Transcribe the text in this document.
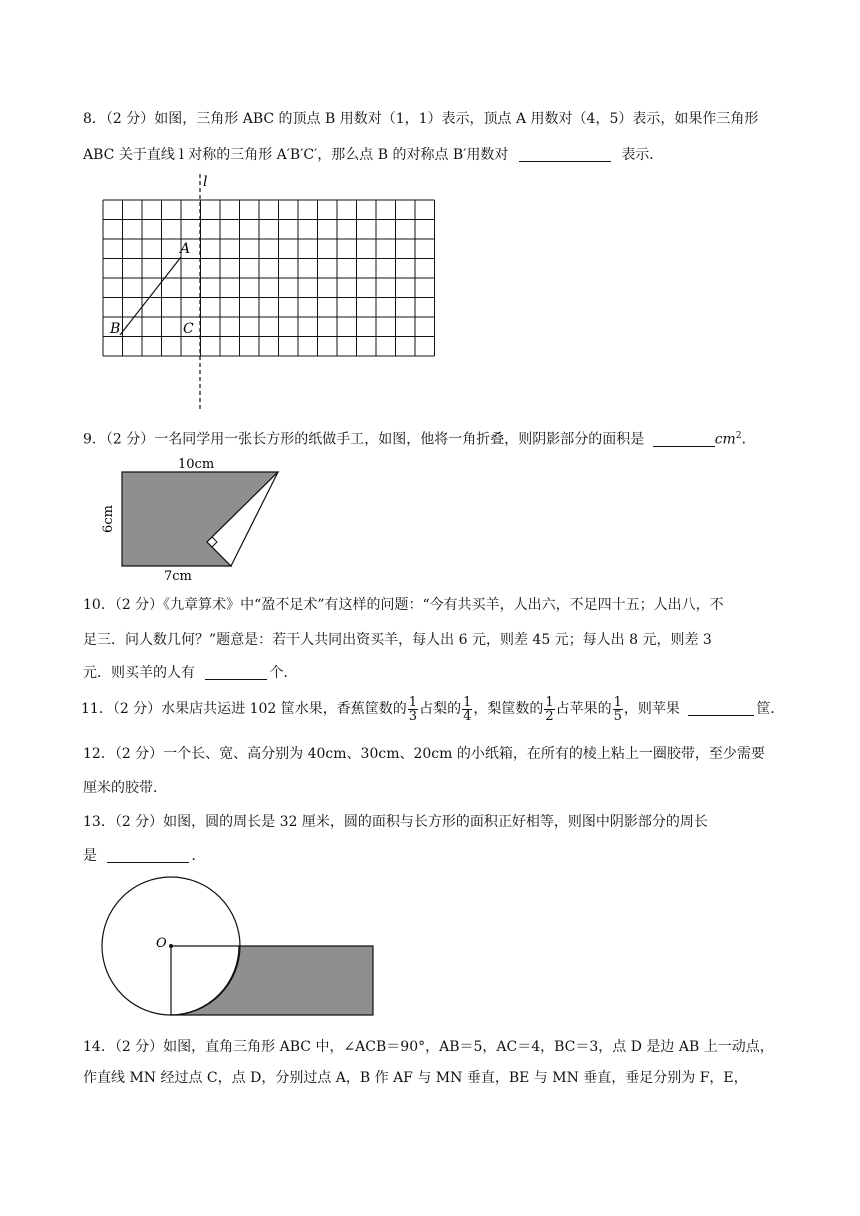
8．（2 分）如图，三角形 ABC 的顶点 B 用数对（1，1）表示，顶点 A 用数对（4，5）表示，如果作三角形
ABC 关于直线 l 对称的三角形 A′B′C′，那么点 B 的对称点 B′用数对	表示．
l
A
B	C
9．（2 分）一名同学用一张长方形的纸做手工，如图，他将一角折叠，则阴影部分的面积是	$cm^2$．
10cm
6cm
7cm
10．（2 分）《九章算术》中“盈不足术”有这样的问题：“今有共买羊，人出六，不足四十五；人出八，不
足三．问人数几何？”题意是：若干人共同出资买羊，每人出 6 元，则差 45 元；每人出 8 元，则差 3
元．则买羊的人有	个．
11．（2 分）水果店共运进 102 筐水果，香蕉筐数的 $\frac{1}{3}$ 占梨的 $\frac{1}{4}$ ，梨筐数的 $\frac{1}{2}$ 占苹果的 $\frac{1}{5}$ ，则苹果	筐．
12．（2 分）一个长、宽、高分别为 40cm、30cm、20cm 的小纸箱，在所有的棱上粘上一圈胶带，至少需要
厘米的胶带．
13．（2 分）如图，圆的周长是 32 厘米，圆的面积与长方形的面积正好相等，则图中阴影部分的周长
是	．
O
14．（2 分）如图，直角三角形 ABC 中，∠ACB＝90°，AB＝5，AC＝4，BC＝3，点 D 是边 AB 上一动点，
作直线 MN 经过点 C，点 D，分别过点 A，B 作 AF 与 MN 垂直，BE 与 MN 垂直，垂足分别为 F，E，
